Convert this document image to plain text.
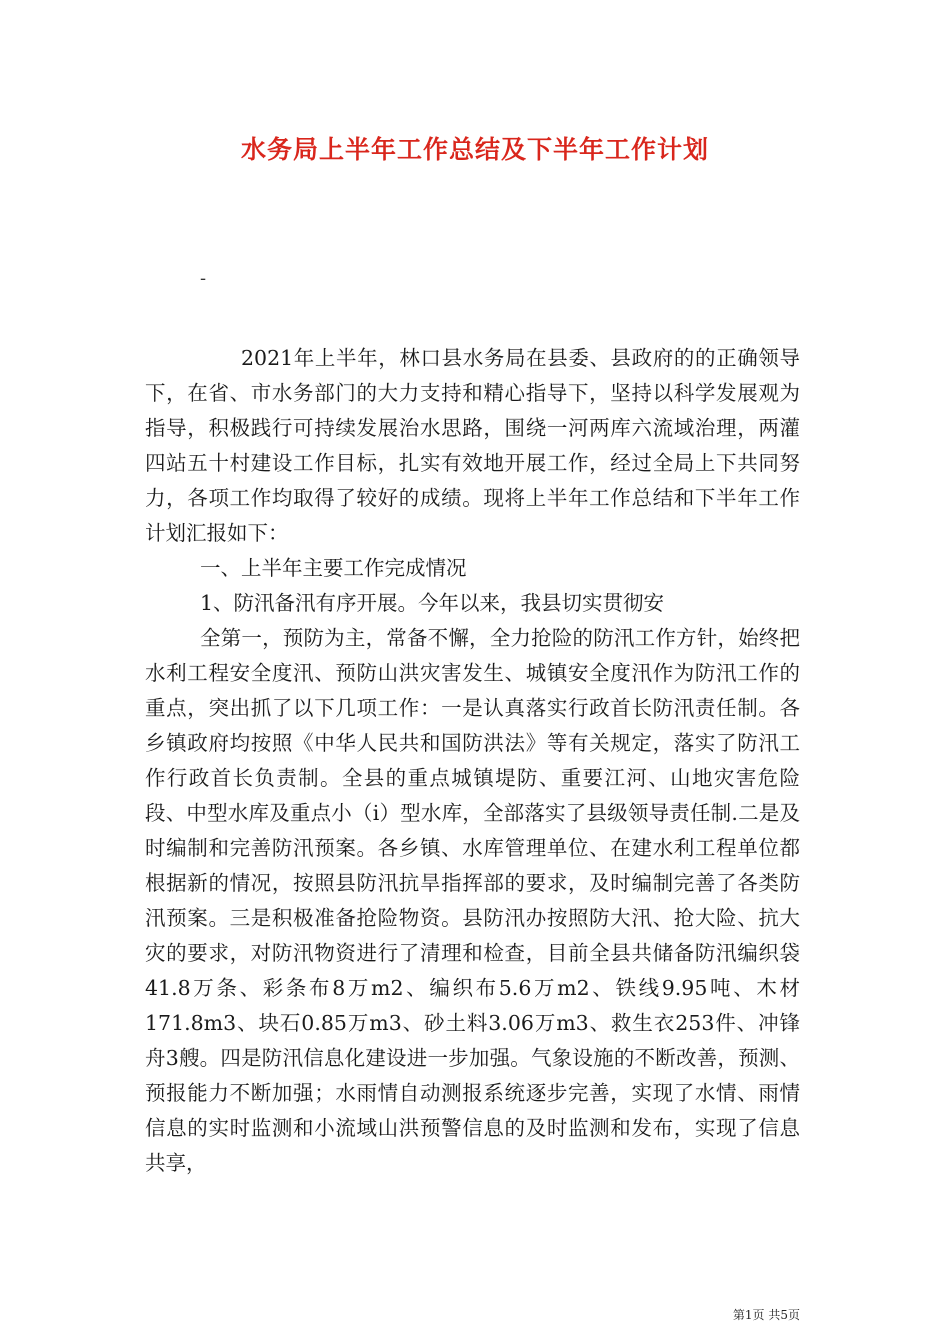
水务局上半年工作总结及下半年工作计划
-

2021年上半年，林口县水务局在县委、县政府的的正确领导下，在省、市水务部门的大力支持和精心指导下，坚持以科学发展观为指导，积极践行可持续发展治水思路，围绕一河两库六流域治理，两灌四站五十村建设工作目标，扎实有效地开展工作，经过全局上下共同努力，各项工作均取得了较好的成绩。现将上半年工作总结和下半年工作计划汇报如下：

一、上半年主要工作完成情况

1、防汛备汛有序开展。今年以来，我县切实贯彻安

全第一，预防为主，常备不懈，全力抢险的防汛工作方针，始终把水利工程安全度汛、预防山洪灾害发生、城镇安全度汛作为防汛工作的重点，突出抓了以下几项工作：一是认真落实行政首长防汛责任制。各乡镇政府均按照《中华人民共和国防洪法》等有关规定，落实了防汛工作行政首长负责制。全县的重点城镇堤防、重要江河、山地灾害危险段、中型水库及重点小（i）型水库，全部落实了县级领导责任制.二是及时编制和完善防汛预案。各乡镇、水库管理单位、在建水利工程单位都根据新的情况，按照县防汛抗旱指挥部的要求，及时编制完善了各类防汛预案。三是积极准备抢险物资。县防汛办按照防大汛、抢大险、抗大灾的要求，对防汛物资进行了清理和检查，目前全县共储备防汛编织袋41.8万条、彩条布8万m2、编织布5.6万m2、铁线9.95吨、木材171.8m3、块石0.85万m3、砂土料3.06万m3、救生衣253件、冲锋舟3艘。四是防汛信息化建设进一步加强。气象设施的不断改善，预测、预报能力不断加强；水雨情自动测报系统逐步完善，实现了水情、雨情信息的实时监测和小流域山洪预警信息的及时监测和发布，实现了信息共享，

第1页 共5页
